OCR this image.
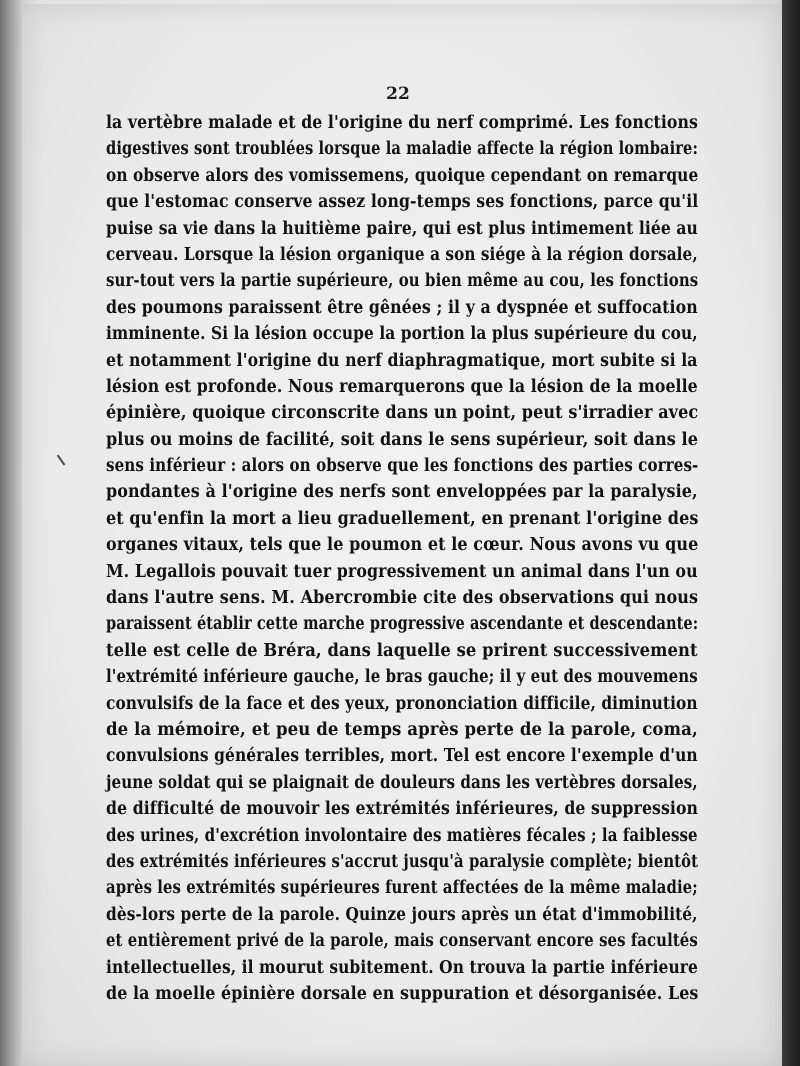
22
la vertèbre malade et de l'origine du nerf comprimé. Les fonctions
digestives sont troublées lorsque la maladie affecte la région lombaire:
on observe alors des vomissemens, quoique cependant on remarque
que l'estomac conserve assez long-temps ses fonctions, parce qu'il
puise sa vie dans la huitième paire, qui est plus intimement liée au
cerveau. Lorsque la lésion organique a son siége à la région dorsale,
sur-tout vers la partie supérieure, ou bien même au cou, les fonctions
des poumons paraissent être gênées ; il y a dyspnée et suffocation
imminente. Si la lésion occupe la portion la plus supérieure du cou,
et notamment l'origine du nerf diaphragmatique, mort subite si la
lésion est profonde. Nous remarquerons que la lésion de la moelle
épinière, quoique circonscrite dans un point, peut s'irradier avec
plus ou moins de facilité, soit dans le sens supérieur, soit dans le
sens inférieur : alors on observe que les fonctions des parties corres-
pondantes à l'origine des nerfs sont enveloppées par la paralysie,
et qu'enfin la mort a lieu graduellement, en prenant l'origine des
organes vitaux, tels que le poumon et le cœur. Nous avons vu que
M. Legallois pouvait tuer progressivement un animal dans l'un ou
dans l'autre sens. M. Abercrombie cite des observations qui nous
paraissent établir cette marche progressive ascendante et descendante:
telle est celle de Bréra, dans laquelle se prirent successivement
l'extrémité inférieure gauche, le bras gauche; il y eut des mouvemens
convulsifs de la face et des yeux, prononciation difficile, diminution
de la mémoire, et peu de temps après perte de la parole, coma,
convulsions générales terribles, mort. Tel est encore l'exemple d'un
jeune soldat qui se plaignait de douleurs dans les vertèbres dorsales,
de difficulté de mouvoir les extrémités inférieures, de suppression
des urines, d'excrétion involontaire des matières fécales ; la faiblesse
des extrémités inférieures s'accrut jusqu'à paralysie complète; bientôt
après les extrémités supérieures furent affectées de la même maladie;
dès-lors perte de la parole. Quinze jours après un état d'immobilité,
et entièrement privé de la parole, mais conservant encore ses facultés
intellectuelles, il mourut subitement. On trouva la partie inférieure
de la moelle épinière dorsale en suppuration et désorganisée. Les
